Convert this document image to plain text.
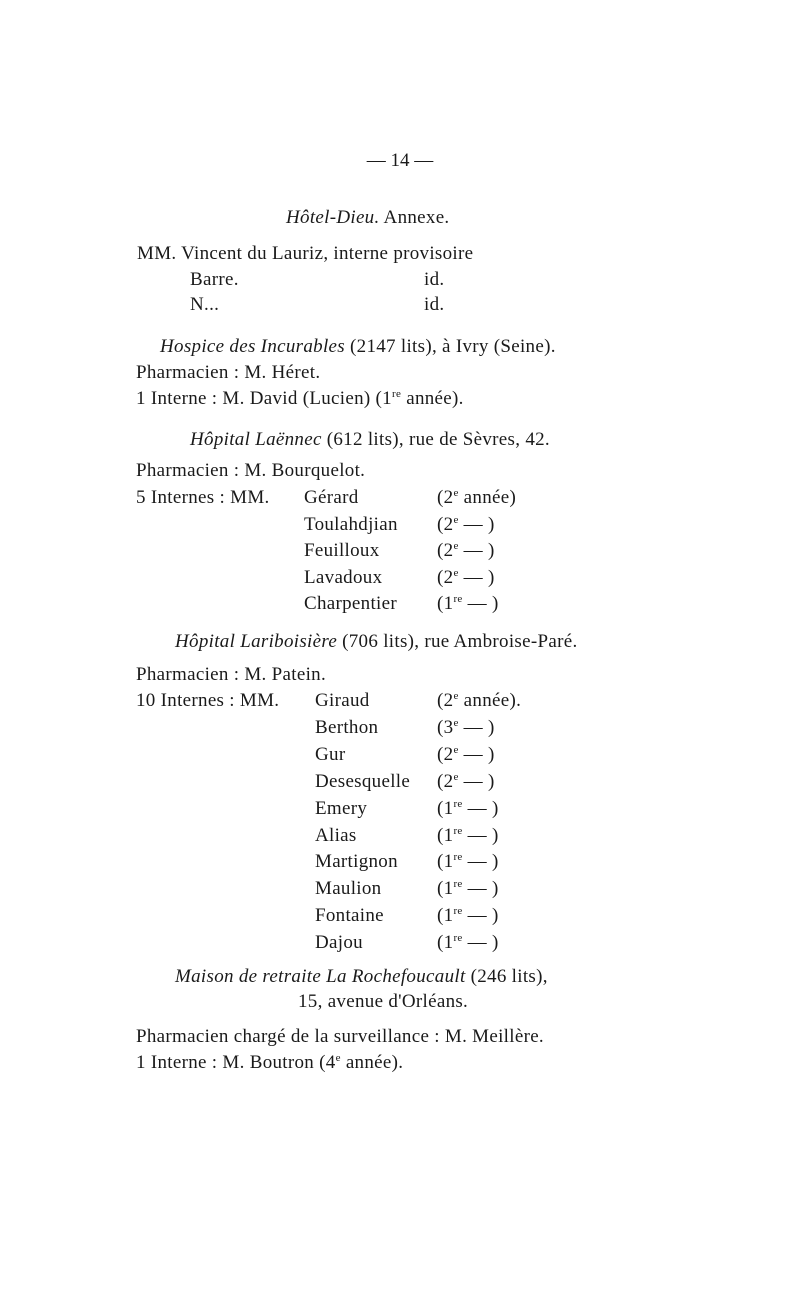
— 14 —
Hôtel-Dieu. Annexe.
MM. Vincent du Lauriz, interne provisoire
Barre.	id.
N...	id.
Hospice des Incurables (2147 lits), à Ivry (Seine).
Pharmacien : M. Héret.
1 Interne : M. David (Lucien) (1re année).
Hôpital Laënnec (612 lits), rue de Sèvres, 42.
Pharmacien : M. Bourquelot.
5 Internes : MM. Gérard	(2e année)
Toulahdjian (2e — )
Feuilloux	(2e — )
Lavadoux	(2e — )
Charpentier (1re — )
Hôpital Lariboisière (706 lits), rue Ambroise-Paré.
Pharmacien : M. Patein.
10 Internes : MM. Giraud	(2e année).
Berthon	(3e — )
Gur	(2e — )
Desesquelle (2e — )
Emery	(1re — )
Alias	(1re — )
Martignon (1re — )
Maulion	(1re — )
Fontaine	(1re — )
Dajou	(1re — )
Maison de retraite La Rochefoucault (246 lits),
15, avenue d'Orléans.
Pharmacien chargé de la surveillance : M. Meillère.
1 Interne : M. Boutron (4e année).
